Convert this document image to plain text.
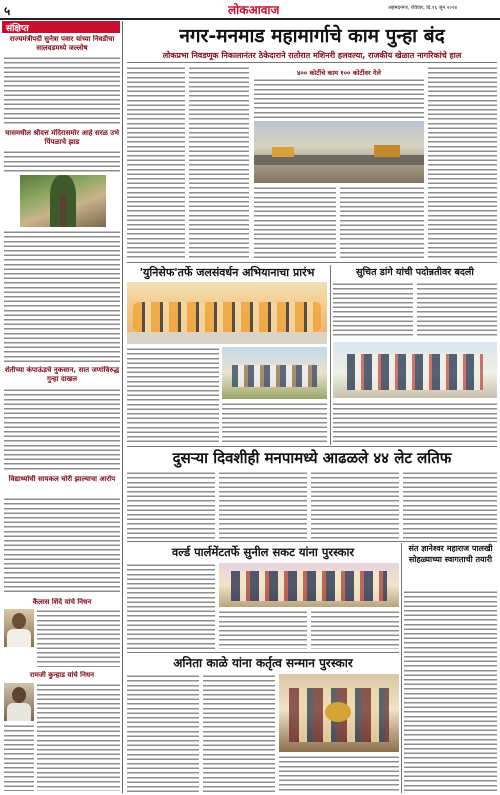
५	लोकआवाज	अहमदनगर, रविवार, दि.१६ जून २०२४
संक्षिप्त
राज्यमंत्रीपदी सुनेत्रा पवार यांच्या निवडीचा सालवडमध्ये जल्लोष
चासमधील श्रीदत्त मंदिरासमोर आहे सरळ उभे पिंपळाचे झाड
शेतीच्या कंपाऊंडचे नुकसान, सात जणांविरुद्ध गुन्हा दाखल
विद्यार्थ्याची सायकल चोरी झाल्याचा आरोप
कैलास शिंदे यांचे निधन
रामजी कुन्हाड यांचे निधन
नगर-मनमाड महामार्गाचे काम पुन्हा बंद
लोकप्रभा निवडणूक निकालानंतर ठेकेदाराने रातोरात मशिनरी हलवल्या, राजकीय खेळात नागरिकांचे हाल
४०० कोटींचे काम १०० कोटींवर गेले
'युनिसेफ'तर्फे जलसंवर्धन अभियानाचा प्रारंभ	सुचित डांगे यांची पदोन्नतीवर बदली
दुसऱ्या दिवशीही मनपामध्ये आढळले ४४ लेट लतिफ
वर्ल्ड पार्लमेंटतर्फे सुनील सकट यांना पुरस्कार	संत ज्ञानेश्वर महाराज पालखी सोहळ्याच्या स्वागताची तयारी
अनिता काळे यांना कर्तृत्व सन्मान पुरस्कार
